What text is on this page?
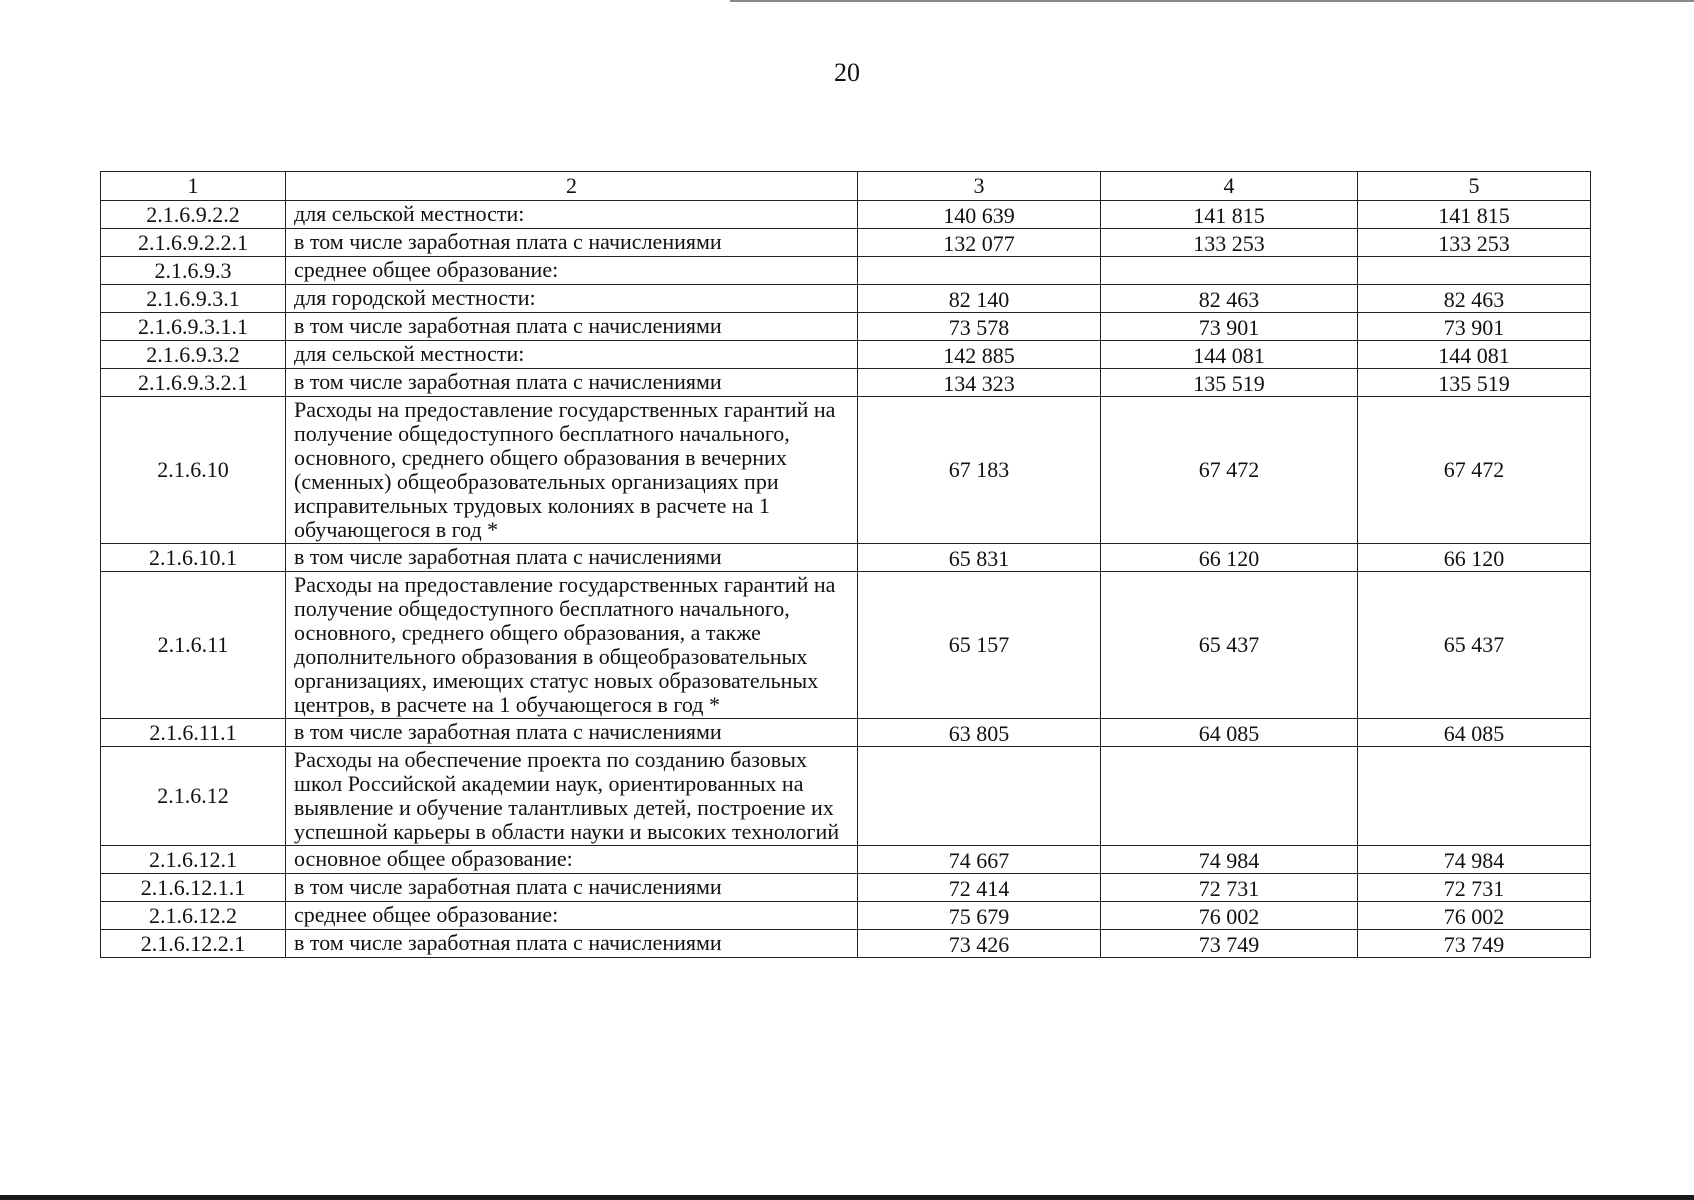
20
1	2	3	4	5
2.1.6.9.2.2	для сельской местности:	140 639	141 815	141 815
2.1.6.9.2.2.1	в том числе заработная плата с начислениями	132 077	133 253	133 253
2.1.6.9.3	среднее общее образование:			
2.1.6.9.3.1	для городской местности:	82 140	82 463	82 463
2.1.6.9.3.1.1	в том числе заработная плата с начислениями	73 578	73 901	73 901
2.1.6.9.3.2	для сельской местности:	142 885	144 081	144 081
2.1.6.9.3.2.1	в том числе заработная плата с начислениями	134 323	135 519	135 519
2.1.6.10	Расходы на предоставление государственных гарантий на получение общедоступного бесплатного начального, основного, среднего общего образования в вечерних (сменных) общеобразовательных организациях при исправительных трудовых колониях в расчете на 1 обучающегося в год *	67 183	67 472	67 472
2.1.6.10.1	в том числе заработная плата с начислениями	65 831	66 120	66 120
2.1.6.11	Расходы на предоставление государственных гарантий на получение общедоступного бесплатного начального, основного, среднего общего образования, а также дополнительного образования в общеобразовательных организациях, имеющих статус новых образовательных центров, в расчете на 1 обучающегося в год *	65 157	65 437	65 437
2.1.6.11.1	в том числе заработная плата с начислениями	63 805	64 085	64 085
2.1.6.12	Расходы на обеспечение проекта по созданию базовых школ Российской академии наук, ориентированных на выявление и обучение талантливых детей, построение их успешной карьеры в области науки и высоких технологий			
2.1.6.12.1	основное общее образование:	74 667	74 984	74 984
2.1.6.12.1.1	в том числе заработная плата с начислениями	72 414	72 731	72 731
2.1.6.12.2	среднее общее образование:	75 679	76 002	76 002
2.1.6.12.2.1	в том числе заработная плата с начислениями	73 426	73 749	73 749
